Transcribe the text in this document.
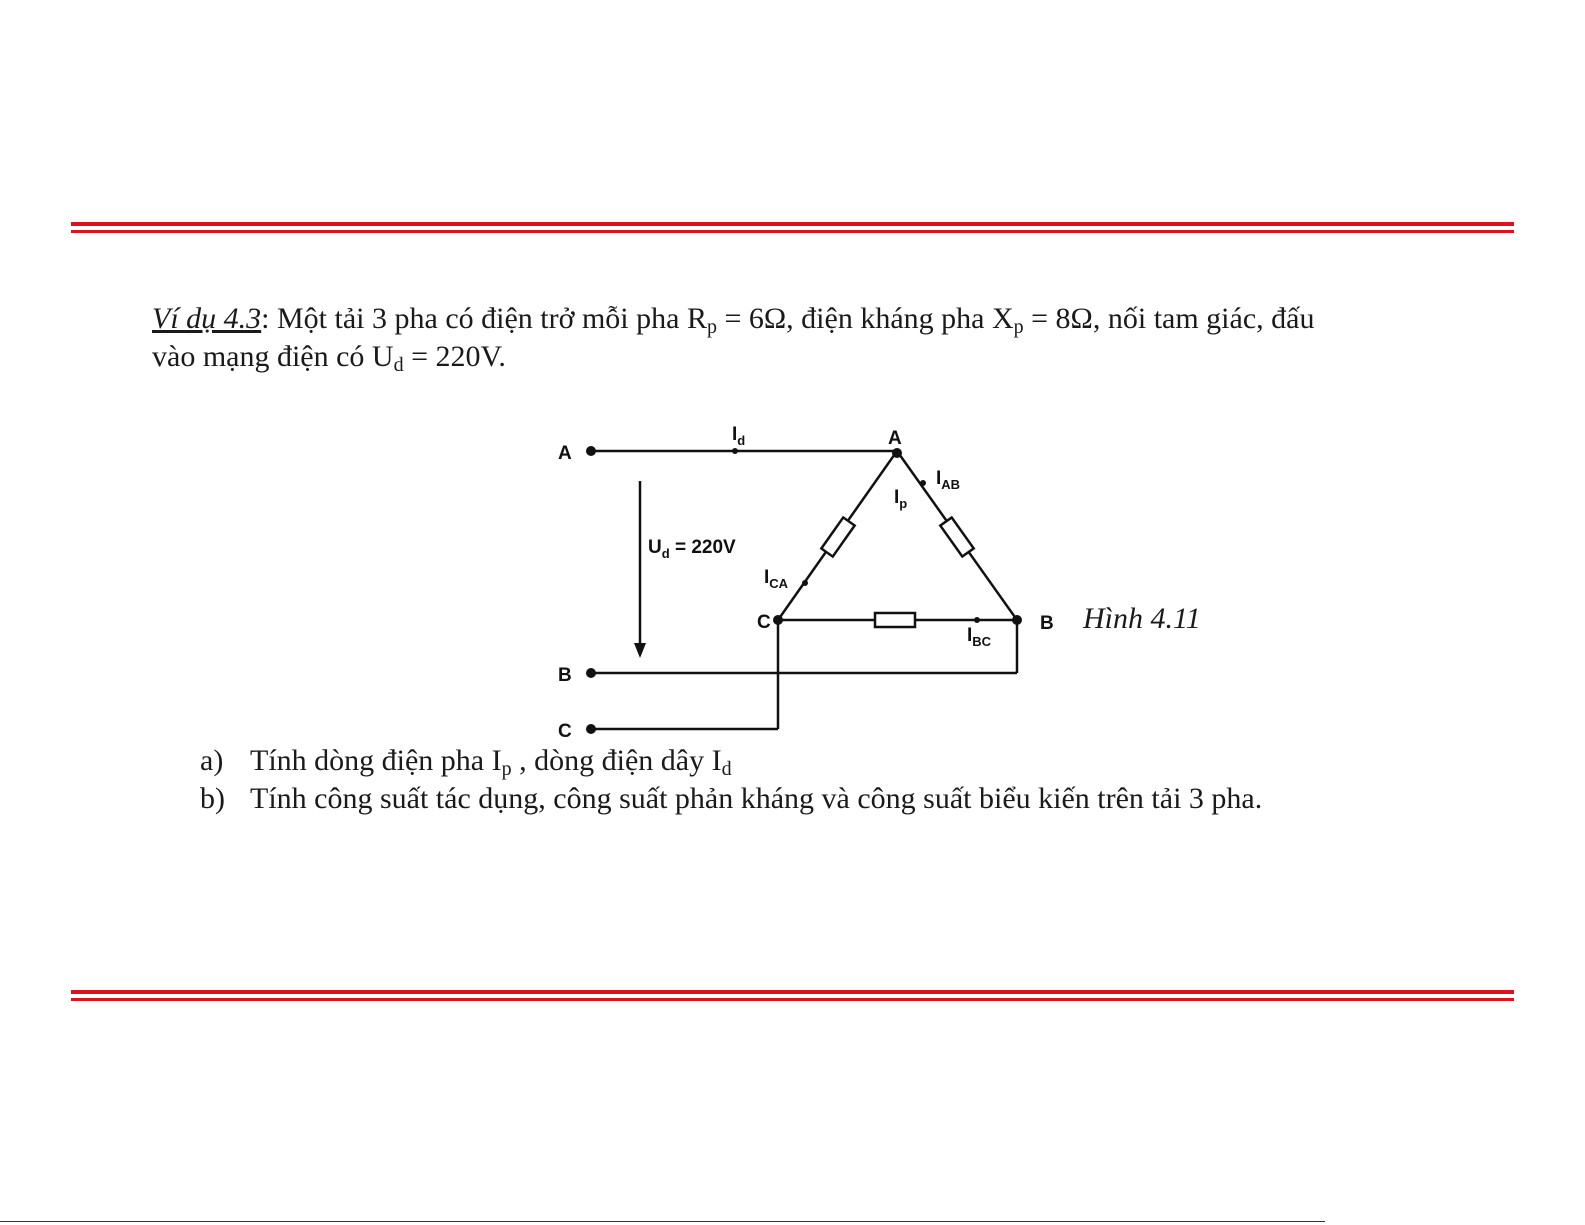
Ví dụ 4.3: Một tải 3 pha có điện trở mỗi pha $R_p = 6\Omega$, điện kháng pha $X_p = 8\Omega$, nối tam giác, đấu
vào mạng điện có $U_d = 220V$.
A
B
C
A
B
C
$I_d$
$I_p$
$I_{AB}$
$I_{BC}$
$I_{CA}$
$U_d = 220V$
Hình 4.11
a) Tính dòng điện pha $I_p$ , dòng điện dây $I_d$
b) Tính công suất tác dụng, công suất phản kháng và công suất biểu kiến trên tải 3 pha.
